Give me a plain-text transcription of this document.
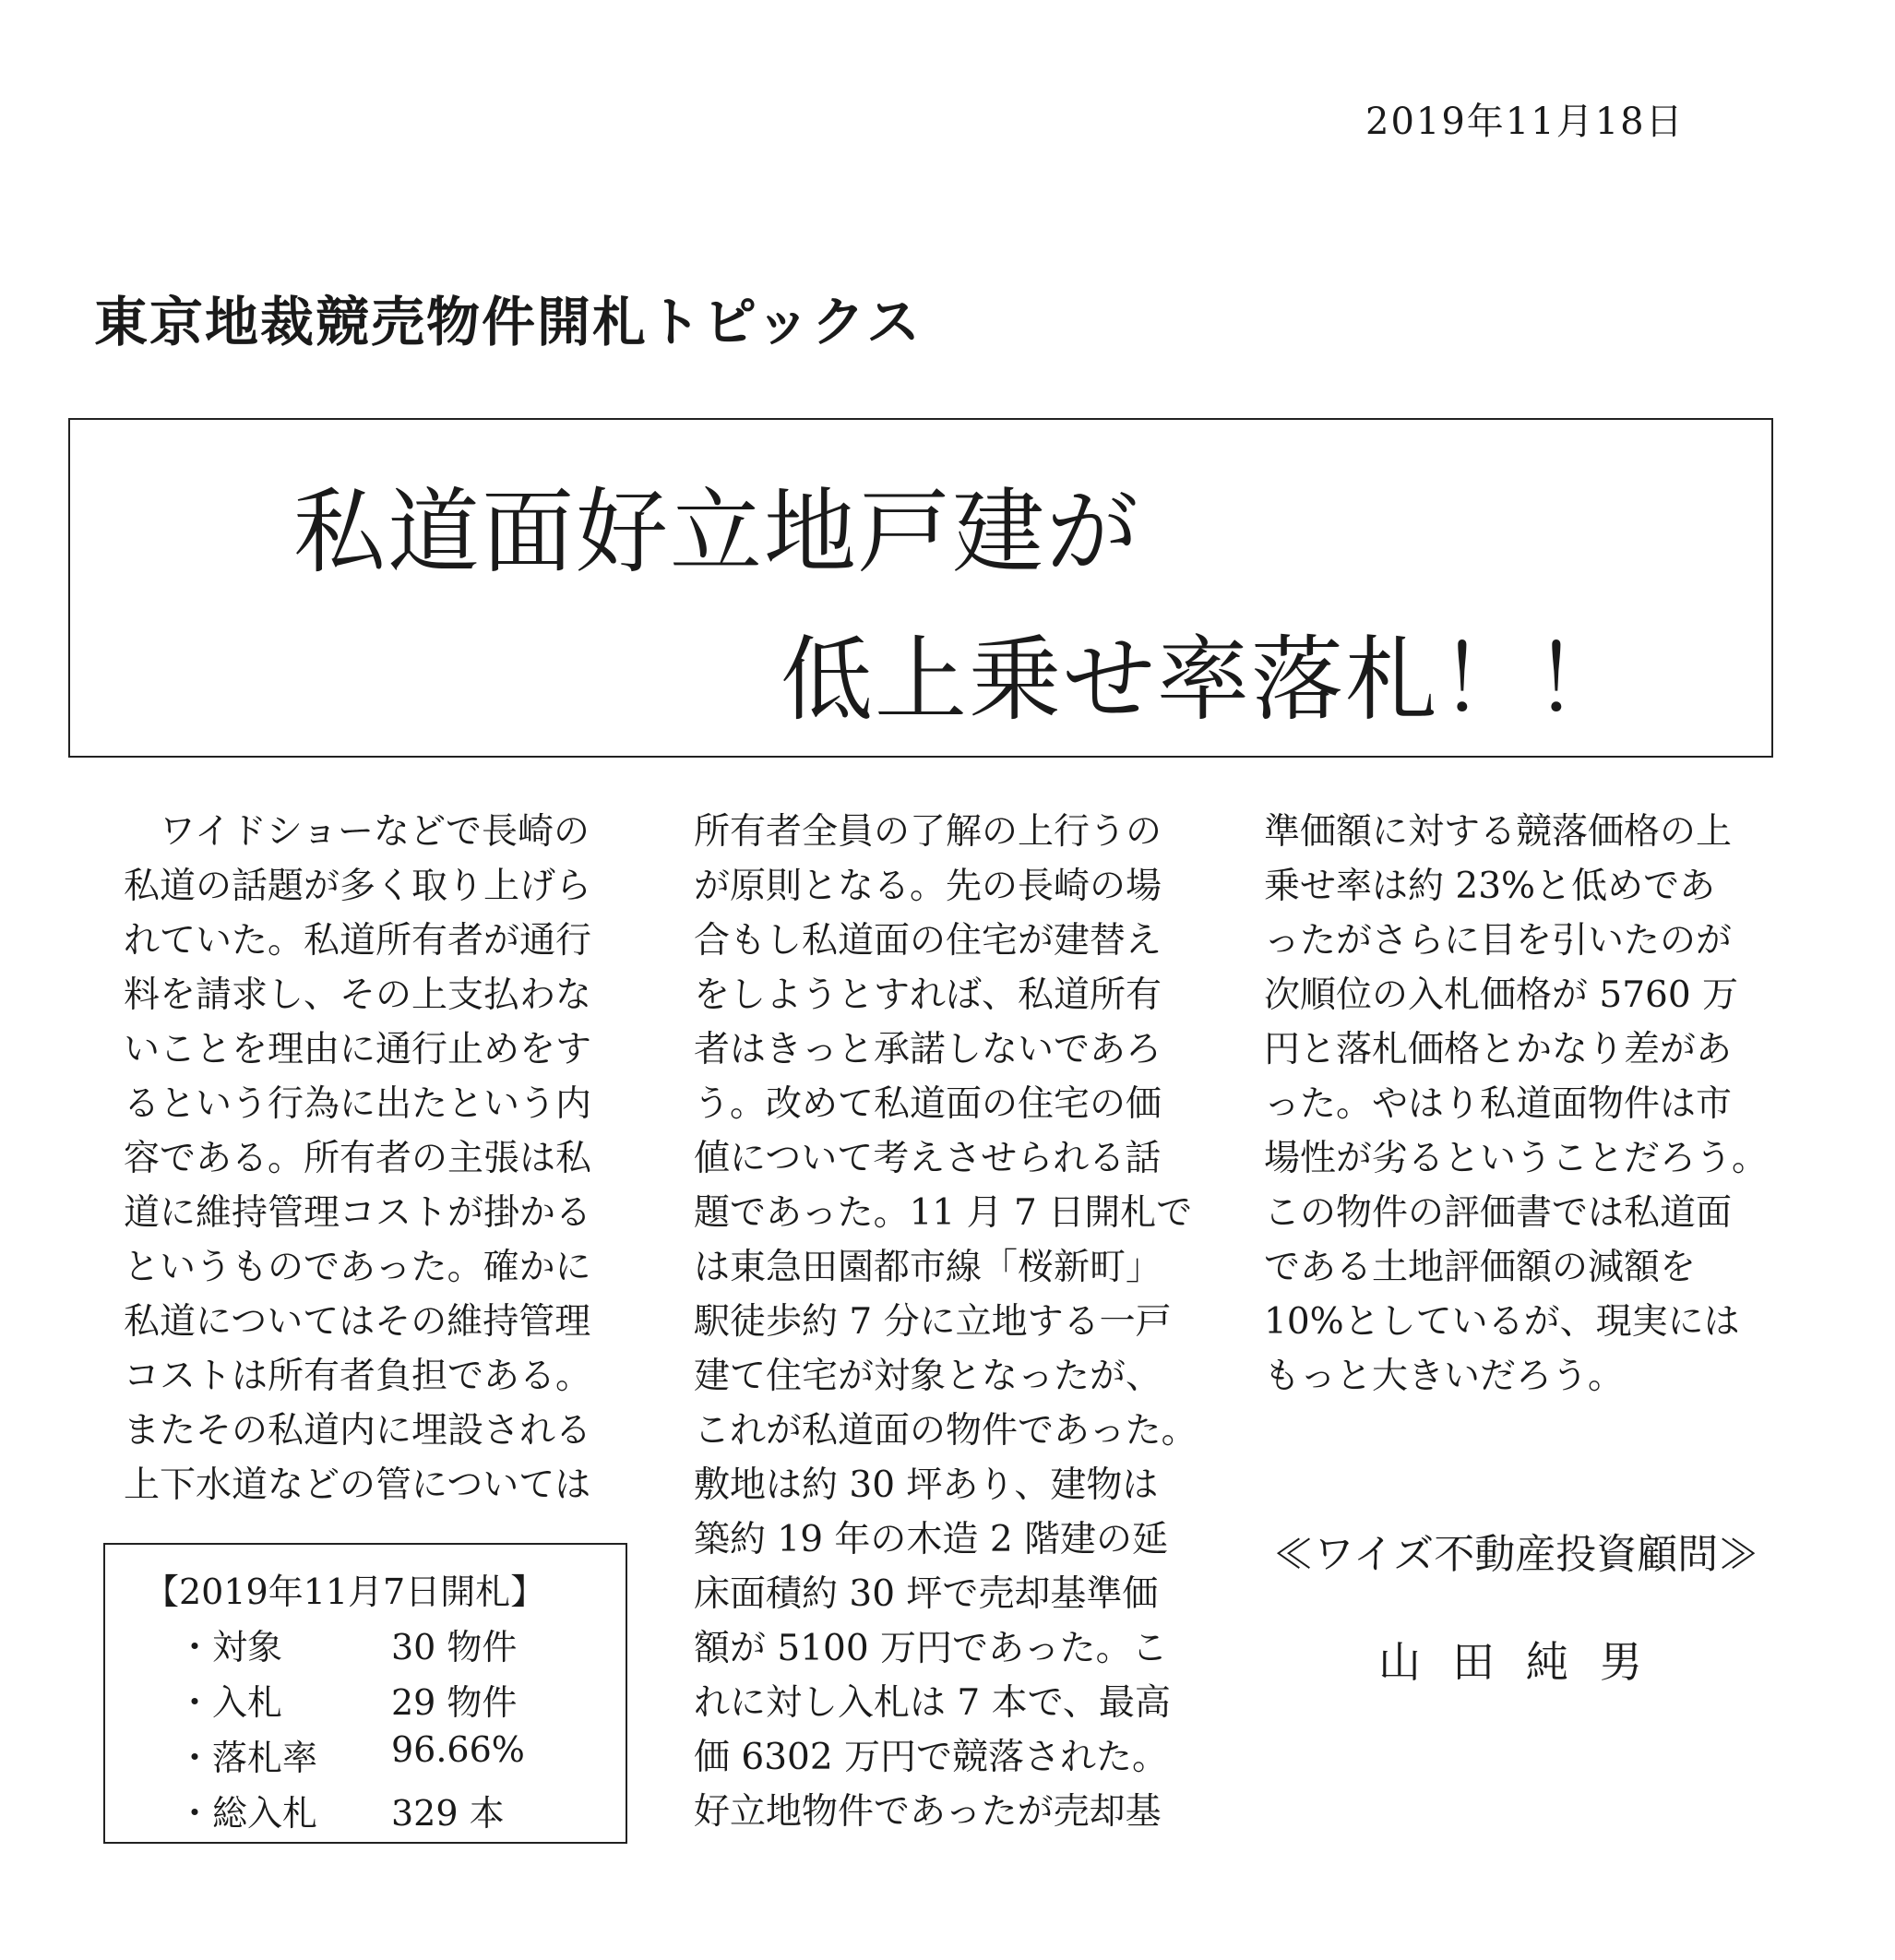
2019年11月18日
東京地裁競売物件開札トピックス
私道面好立地戸建が
低上乗せ率落札！！
　ワイドショーなどで長崎の
私道の話題が多く取り上げら
れていた。私道所有者が通行
料を請求し、その上支払わな
いことを理由に通行止めをす
るという行為に出たという内
容である。所有者の主張は私
道に維持管理コストが掛かる
というものであった。確かに
私道についてはその維持管理
コストは所有者負担である。
またその私道内に埋設される
上下水道などの管については
所有者全員の了解の上行うの
が原則となる。先の長崎の場
合もし私道面の住宅が建替え
をしようとすれば、私道所有
者はきっと承諾しないであろ
う。改めて私道面の住宅の価
値について考えさせられる話
題であった。11 月 7 日開札で
は東急田園都市線「桜新町」
駅徒歩約 7 分に立地する一戸
建て住宅が対象となったが、
これが私道面の物件であった。
敷地は約 30 坪あり、建物は
築約 19 年の木造 2 階建の延
床面積約 30 坪で売却基準価
額が 5100 万円であった。こ
れに対し入札は 7 本で、最高
価 6302 万円で競落された。
好立地物件であったが売却基
準価額に対する競落価格の上
乗せ率は約 23%と低めであ
ったがさらに目を引いたのが
次順位の入札価格が 5760 万
円と落札価格とかなり差があ
った。やはり私道面物件は市
場性が劣るということだろう。
この物件の評価書では私道面
である土地評価額の減額を
10%としているが、現実には
もっと大きいだろう。
【2019年11月7日開札】
・対象	30 物件
・入札	29 物件
・落札率 96.66%
・総入札 329 本
≪ワイズ不動産投資顧問≫
山田純男
